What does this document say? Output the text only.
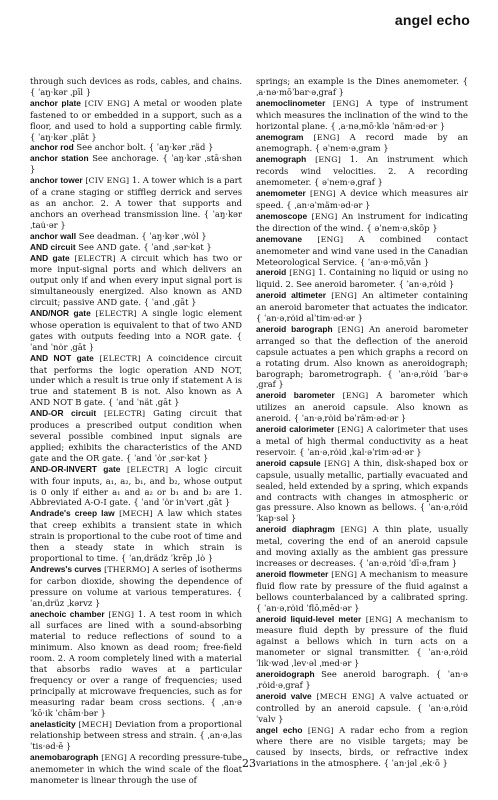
angel echo

through such devices as rods, cables, and chains. { ˈaŋ·kər ˌpīl }

anchor plate [CIV ENG] A metal or wooden plate fastened to or embedded in a support, such as a floor, and used to hold a supporting cable firmly. { ˈaŋ·kər ˌplāt }

anchor rod See anchor bolt. { ˈaŋ·kər ˌräd }

anchor station See anchorage. { ˈaŋ·kər ˌstā·shən }

anchor tower [CIV ENG] 1. A tower which is a part of a crane staging or stiffleg derrick and serves as an anchor. 2. A tower that supports and anchors an overhead transmission line. { ˈaŋ·kər ˌtau̇·ər }

anchor wall See deadman. { ˈaŋ·kər ˌwȯl }

AND circuit See AND gate. { ˈand ˌsər·kət }

AND gate [ELECTR] A circuit which has two or more input-signal ports and which delivers an output only if and when every input signal port is simultaneously energized. Also known as AND circuit; passive AND gate. { ˈand ˌgāt }

AND/NOR gate [ELECTR] A single logic element whose operation is equivalent to that of two AND gates with outputs feeding into a NOR gate. { ˈand ˈnȯr ˌgāt }

AND NOT gate [ELECTR] A coincidence circuit that performs the logic operation AND NOT, under which a result is true only if statement A is true and statement B is not. Also known as A AND NOT B gate. { ˈand ˈnät ˌgāt }

AND-OR circuit [ELECTR] Gating circuit that produces a prescribed output condition when several possible combined input signals are applied; exhibits the characteristics of the AND gate and the OR gate. { ˈand ˈȯr ˌsər·kət }

AND-OR-INVERT gate [ELECTR] A logic circuit with four inputs, a₁, a₂, b₁, and b₂, whose output is 0 only if either a₁ and a₂ or b₁ and b₂ are 1. Abbreviated A-O-I gate. { ˈand ˈȯr inˈvərt ˌgāt }

Andrade's creep law [MECH] A law which states that creep exhibits a transient state in which strain is proportional to the cube root of time and then a steady state in which strain is proportional to time. { ˈanˌdrädz ˈkrēp ˌlȯ }

Andrews's curves [THERMO] A series of isotherms for carbon dioxide, showing the dependence of pressure on volume at various temperatures. { ˈanˌdrüz ˌkərvz }

anechoic chamber [ENG] 1. A test room in which all surfaces are lined with a sound-absorbing material to reduce reflections of sound to a minimum. Also known as dead room; free-field room. 2. A room completely lined with a material that absorbs radio waves at a particular frequency or over a range of frequencies; used principally at microwave frequencies, such as for measuring radar beam cross sections. { ˌan·əˈkō·ik ˈchām·bər }

anelasticity [MECH] Deviation from a proportional relationship between stress and strain. { ˌan·əˌlasˈtis·əd·ē }

anemobarograph [ENG] A recording pressure-tube anemometer in which the wind scale of the float manometer is linear through the use of

springs; an example is the Dines anemometer. { ˌa·nə·mōˈbar·əˌgraf }

anemoclinometer [ENG] A type of instrument which measures the inclination of the wind to the horizontal plane. { ˌa·nəˌmō·klə ˈnäm·əd·ər }

anemogram [ENG] A record made by an anemograph. { əˈnem·əˌgram }

anemograph [ENG] 1. An instrument which records wind velocities. 2. A recording anemometer. { əˈnem·əˌgraf }

anemometer [ENG] A device which measures air speed. { ˌan·əˈmäm·əd·ər }

anemoscope [ENG] An instrument for indicating the direction of the wind. { əˈnem·əˌskōp }

anemovane [ENG] A combined contact anemometer and wind vane used in the Canadian Meteorological Service. { ˈan·ə·mōˌvān }

aneroid [ENG] 1. Containing no liquid or using no liquid. 2. See aneroid barometer. { ˈan·əˌrȯid }

aneroid altimeter [ENG] An altimeter containing an aneroid barometer that actuates the indicator. { ˈan·əˌrȯid alˈtim·əd·ər }

aneroid barograph [ENG] An aneroid barometer arranged so that the deflection of the aneroid capsule actuates a pen which graphs a record on a rotating drum. Also known as aneroidograph; barograph; barometrograph. { ˈan·əˌrȯid ˈbar·əˌgraf }

aneroid barometer [ENG] A barometer which utilizes an aneroid capsule. Also known as aneroid. { ˈan·əˌrȯid bəˈräm·əd·ər }

aneroid calorimeter [ENG] A calorimeter that uses a metal of high thermal conductivity as a heat reservoir. { ˈan·əˌrȯid ˌkal·əˈrim·əd·ər }

aneroid capsule [ENG] A thin, disk-shaped box or capsule, usually metallic, partially evacuated and sealed, held extended by a spring, which expands and contracts with changes in atmospheric or gas pressure. Also known as bellows. { ˈan·əˌrȯid ˈkap·səl }

aneroid diaphragm [ENG] A thin plate, usually metal, covering the end of an aneroid capsule and moving axially as the ambient gas pressure increases or decreases. { ˈan·əˌrȯid ˈdī·əˌfram }

aneroid flowmeter [ENG] A mechanism to measure fluid flow rate by pressure of the fluid against a bellows counterbalanced by a calibrated spring. { ˈan·əˌrȯid ˈflōˌmēd·ər }

aneroid liquid-level meter [ENG] A mechanism to measure fluid depth by pressure of the fluid against a bellows which in turn acts on a manometer or signal transmitter. { ˈan·əˌrȯid ˈlik·wəd ˌlev·əl ˌmed·ər }

aneroidograph See aneroid barograph. { ˈan·əˌrȯid·əˌgraf }

aneroid valve [MECH ENG] A valve actuated or controlled by an aneroid capsule. { ˈan·əˌrȯid ˈvalv }

angel echo [ENG] A radar echo from a region where there are no visible targets; may be caused by insects, birds, or refractive index variations in the atmosphere. { ˈan·jəl ˌek·ō }

23
